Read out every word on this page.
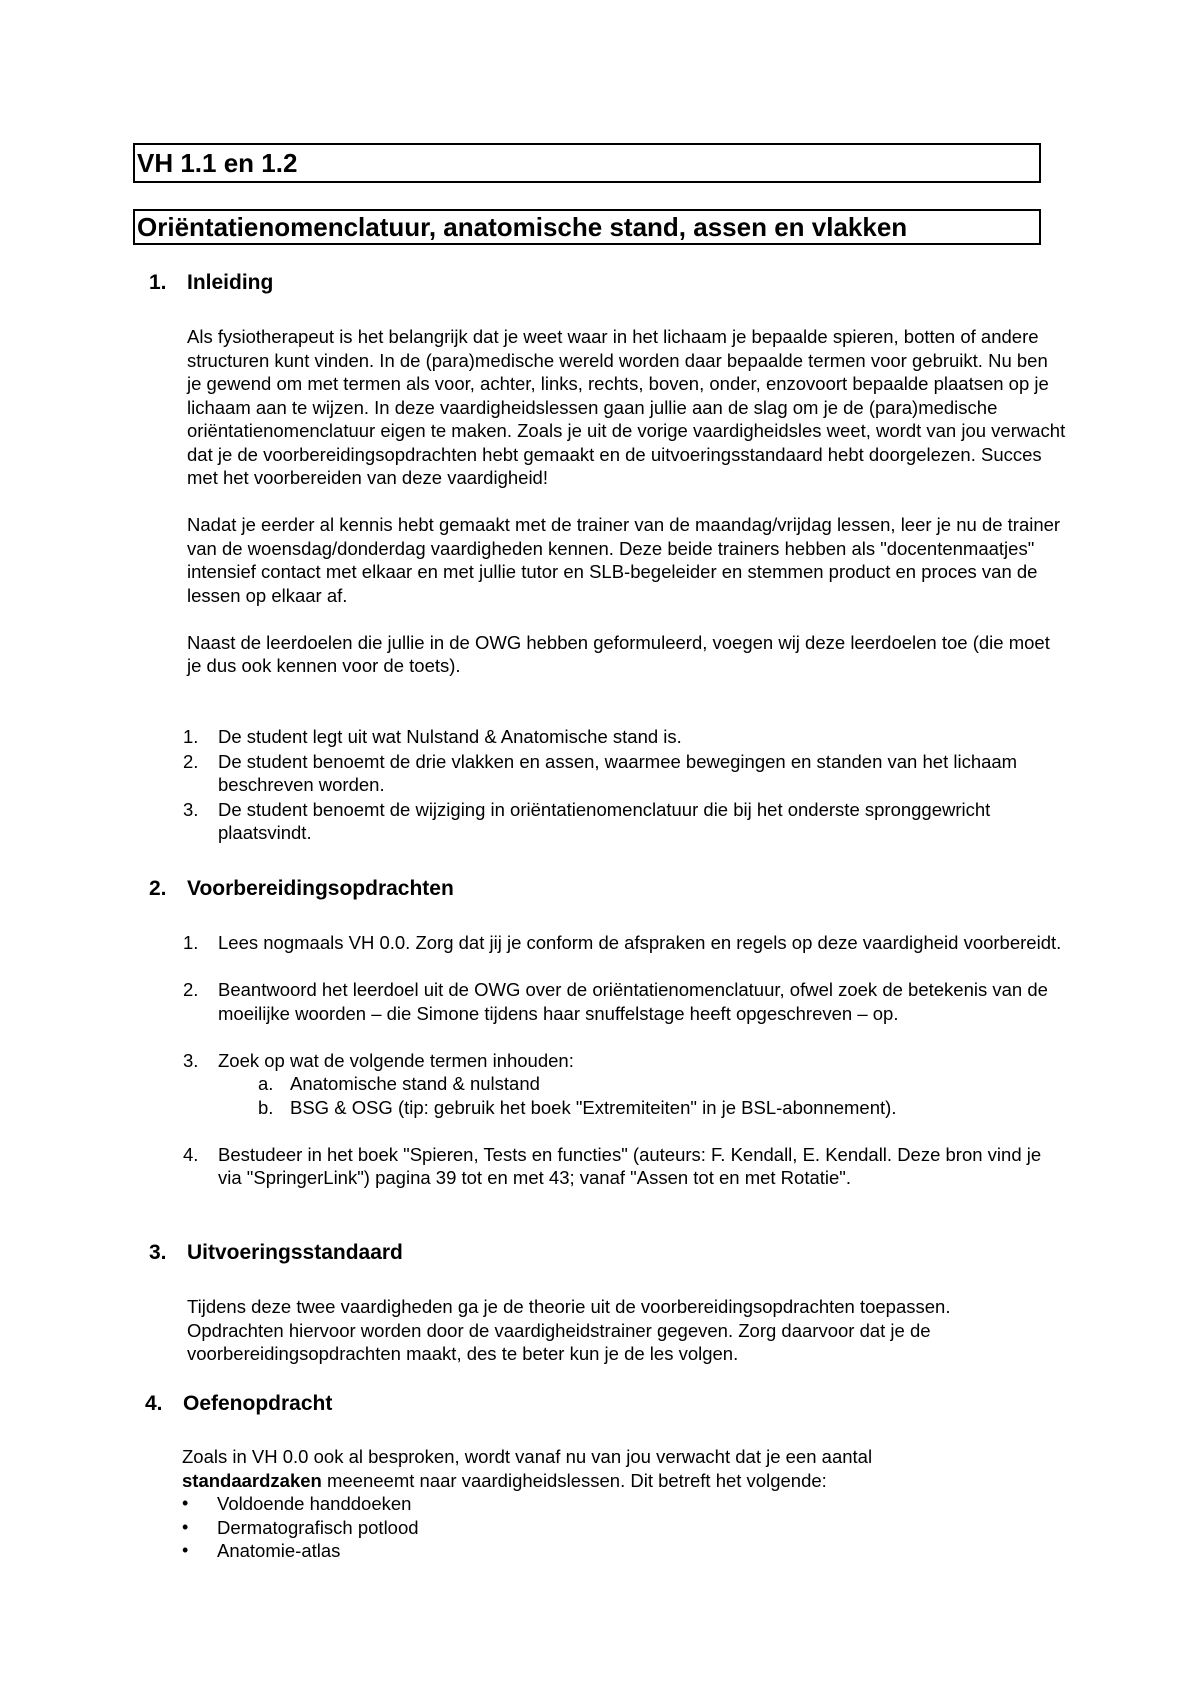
VH 1.1 en 1.2
Oriëntatienomenclatuur, anatomische stand, assen en vlakken
1. Inleiding

Als fysiotherapeut is het belangrijk dat je weet waar in het lichaam je bepaalde spieren, botten of andere structuren kunt vinden. In de (para)medische wereld worden daar bepaalde termen voor gebruikt. Nu ben je gewend om met termen als voor, achter, links, rechts, boven, onder, enzovoort bepaalde plaatsen op je lichaam aan te wijzen. In deze vaardigheidslessen gaan jullie aan de slag om je de (para)medische oriëntatienomenclatuur eigen te maken. Zoals je uit de vorige vaardigheidsles weet, wordt van jou verwacht dat je de voorbereidingsopdrachten hebt gemaakt en de uitvoeringsstandaard hebt doorgelezen. Succes met het voorbereiden van deze vaardigheid!

Nadat je eerder al kennis hebt gemaakt met de trainer van de maandag/vrijdag lessen, leer je nu de trainer van de woensdag/donderdag vaardigheden kennen. Deze beide trainers hebben als "docentenmaatjes" intensief contact met elkaar en met jullie tutor en SLB-begeleider en stemmen product en proces van de lessen op elkaar af.

Naast de leerdoelen die jullie in de OWG hebben geformuleerd, voegen wij deze leerdoelen toe (die moet je dus ook kennen voor de toets).

1. De student legt uit wat Nulstand & Anatomische stand is.
2. De student benoemt de drie vlakken en assen, waarmee bewegingen en standen van het lichaam beschreven worden.
3. De student benoemt de wijziging in oriëntatienomenclatuur die bij het onderste spronggewricht plaatsvindt.
2. Voorbereidingsopdrachten
1. Lees nogmaals VH 0.0. Zorg dat jij je conform de afspraken en regels op deze vaardigheid voorbereidt.
2. Beantwoord het leerdoel uit de OWG over de oriëntatienomenclatuur, ofwel zoek de betekenis van de moeilijke woorden – die Simone tijdens haar snuffelstage heeft opgeschreven – op.
3. Zoek op wat de volgende termen inhouden:
a. Anatomische stand & nulstand
b. BSG & OSG (tip: gebruik het boek "Extremiteiten" in je BSL-abonnement).
4. Bestudeer in het boek "Spieren, Tests en functies" (auteurs: F. Kendall, E. Kendall. Deze bron vind je via "SpringerLink") pagina 39 tot en met 43; vanaf "Assen tot en met Rotatie".
3. Uitvoeringsstandaard

Tijdens deze twee vaardigheden ga je de theorie uit de voorbereidingsopdrachten toepassen. Opdrachten hiervoor worden door de vaardigheidstrainer gegeven. Zorg daarvoor dat je de voorbereidingsopdrachten maakt, des te beter kun je de les volgen.

4. Oefenopdracht

Zoals in VH 0.0 ook al besproken, wordt vanaf nu van jou verwacht dat je een aantal
standaardzaken meeneemt naar vaardigheidslessen. Dit betreft het volgende:

• Voldoende handdoeken
• Dermatografisch potlood
• Anatomie-atlas
